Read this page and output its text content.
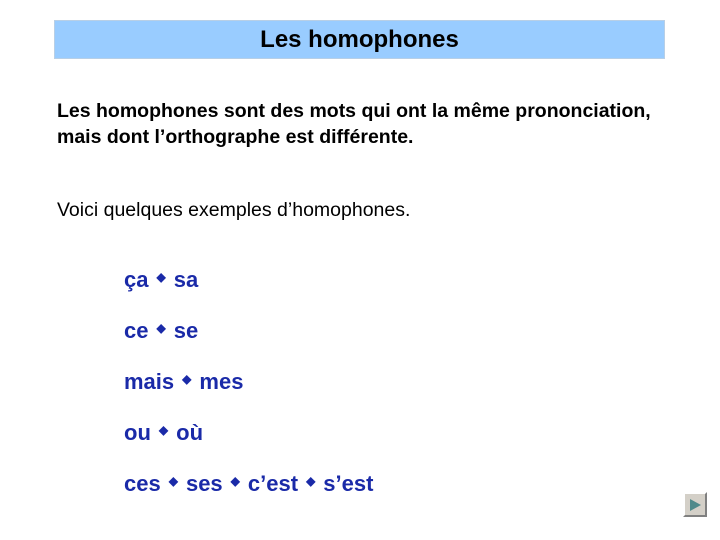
Les homophones

Les homophones sont des mots qui ont la même prononciation, mais dont l’orthographe est différente.

Voici quelques exemples d’homophones.

ça ◆ sa
ce ◆ se
mais ◆ mes
ou ◆ où
ces ◆ ses ◆ c’est ◆ s’est
